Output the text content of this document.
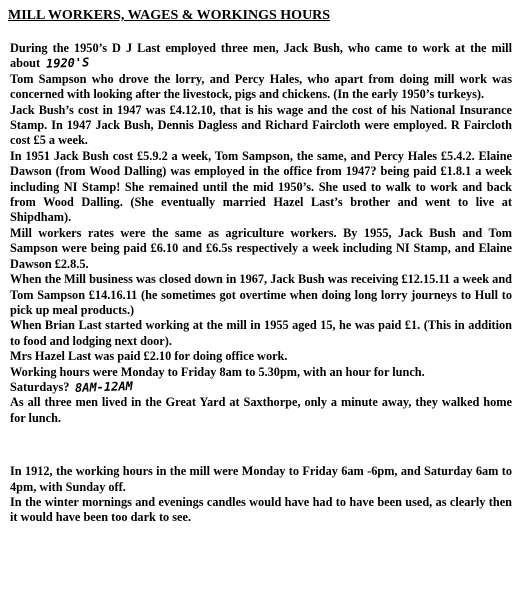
MILL WORKERS, WAGES & WORKINGS HOURS

During the 1950’s D J Last employed three men, Jack Bush, who came to work at the mill about 1920'S

Tom Sampson who drove the lorry, and Percy Hales, who apart from doing mill work was concerned with looking after the livestock, pigs and chickens. (In the early 1950’s turkeys).

Jack Bush’s cost in 1947 was £4.12.10, that is his wage and the cost of his National Insurance Stamp. In 1947 Jack Bush, Dennis Dagless and Richard Faircloth were employed. R Faircloth cost £5 a week.

In 1951 Jack Bush cost £5.9.2 a week, Tom Sampson, the same, and Percy Hales £5.4.2. Elaine Dawson (from Wood Dalling) was employed in the office from 1947? being paid £1.8.1 a week including NI Stamp! She remained until the mid 1950’s. She used to walk to work and back from Wood Dalling. (She eventually married Hazel Last’s brother and went to live at Shipdham).

Mill workers rates were the same as agriculture workers. By 1955, Jack Bush and Tom Sampson were being paid £6.10 and £6.5s respectively a week including NI Stamp, and Elaine Dawson £2.8.5.

When the Mill business was closed down in 1967, Jack Bush was receiving £12.15.11 a week and Tom Sampson £14.16.11 (he sometimes got overtime when doing long lorry journeys to Hull to pick up meal products.)

When Brian Last started working at the mill in 1955 aged 15, he was paid £1. (This in addition to food and lodging next door).

Mrs Hazel Last was paid £2.10 for doing office work.

Working hours were Monday to Friday 8am to 5.30pm, with an hour for lunch.

Saturdays? 8AM-12AM

As all three men lived in the Great Yard at Saxthorpe, only a minute away, they walked home for lunch.

In 1912, the working hours in the mill were Monday to Friday 6am -6pm, and Saturday 6am to 4pm, with Sunday off.

In the winter mornings and evenings candles would have had to have been used, as clearly then it would have been too dark to see.
